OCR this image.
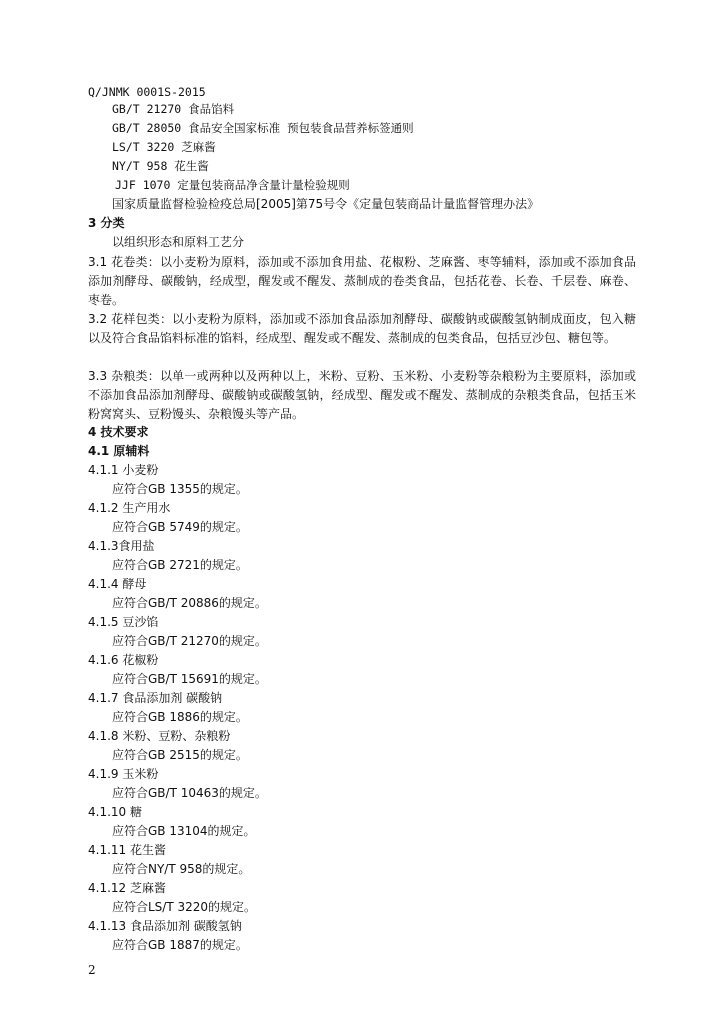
Q/JNMK 0001S-2015
GB/T 21270 食品馅料
GB/T 28050 食品安全国家标准 预包装食品营养标签通则
LS/T 3220 芝麻酱
NY/T 958 花生酱
JJF 1070 定量包装商品净含量计量检验规则
国家质量监督检验检疫总局[2005]第75号令《定量包装商品计量监督管理办法》
3 分类
以组织形态和原料工艺分
3.1 花卷类：以小麦粉为原料，添加或不添加食用盐、花椒粉、芝麻酱、枣等辅料，添加或不添加食品添加剂酵母、碳酸钠，经成型，醒发或不醒发、蒸制成的卷类食品，包括花卷、长卷、千层卷、麻卷、枣卷。
3.2 花样包类：以小麦粉为原料，添加或不添加食品添加剂酵母、碳酸钠或碳酸氢钠制成面皮，包入糖以及符合食品馅料标准的馅料，经成型、醒发或不醒发、蒸制成的包类食品，包括豆沙包、糖包等。
3.3 杂粮类：以单一或两种以及两种以上，米粉、豆粉、玉米粉、小麦粉等杂粮粉为主要原料，添加或不添加食品添加剂酵母、碳酸钠或碳酸氢钠，经成型、醒发或不醒发、蒸制成的杂粮类食品，包括玉米粉窝窝头、豆粉馒头、杂粮馒头等产品。
4 技术要求
4.1 原辅料
4.1.1 小麦粉
应符合GB 1355的规定。
4.1.2 生产用水
应符合GB 5749的规定。
4.1.3食用盐
应符合GB 2721的规定。
4.1.4 酵母
应符合GB/T 20886的规定。
4.1.5 豆沙馅
应符合GB/T 21270的规定。
4.1.6 花椒粉
应符合GB/T 15691的规定。
4.1.7 食品添加剂 碳酸钠
应符合GB 1886的规定。
4.1.8 米粉、豆粉、杂粮粉
应符合GB 2515的规定。
4.1.9 玉米粉
应符合GB/T 10463的规定。
4.1.10 糖
应符合GB 13104的规定。
4.1.11 花生酱
应符合NY/T 958的规定。
4.1.12 芝麻酱
应符合LS/T 3220的规定。
4.1.13 食品添加剂 碳酸氢钠
应符合GB 1887的规定。
2
